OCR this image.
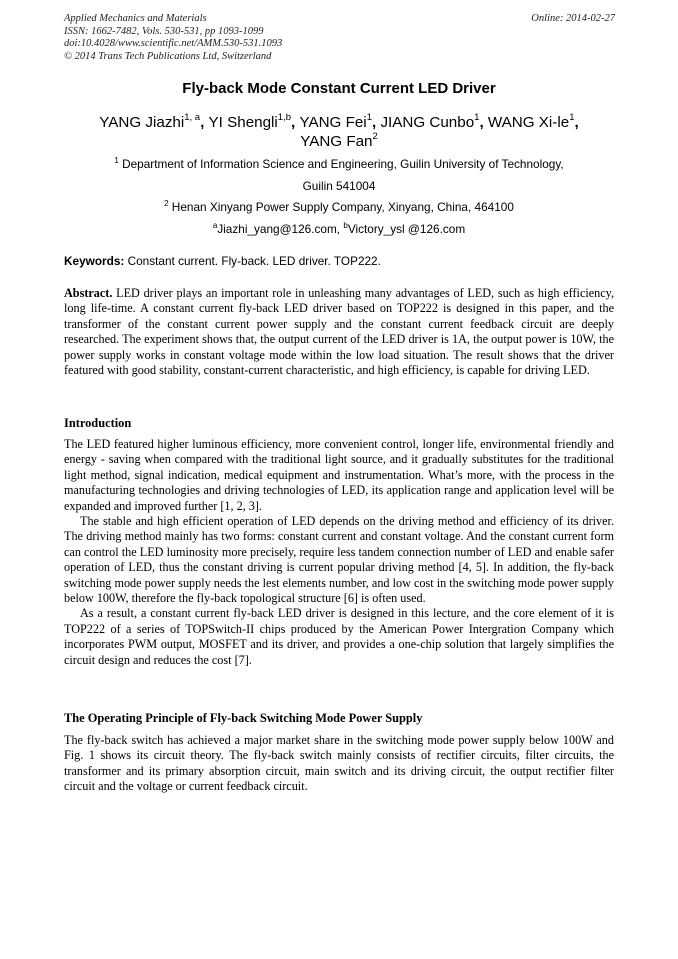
Applied Mechanics and Materials
ISSN: 1662-7482, Vols. 530-531, pp 1093-1099
doi:10.4028/www.scientific.net/AMM.530-531.1093
© 2014 Trans Tech Publications Ltd, Switzerland
Online: 2014-02-27
Fly-back Mode Constant Current LED Driver
YANG Jiazhi$^{1, a}$, YI Shengli$^{1,b}$, YANG Fei$^1$, JIANG Cunbo$^1$, WANG $Xi-le^1$,
YANG Fan$^2$
$^1$ Department of Information Science and Engineering, Guilin University of Technology,
Guilin 541004
$^2$ Henan Xinyang Power Supply Company, Xinyang, China, 464100
$^a$Jiazhi_yang@126.com, $^b$Victory_ysl @126.com
Keywords: Constant current. Fly-back. LED driver. TOP222.
Abstract. LED driver plays an important role in unleashing many advantages of LED, such as high efficiency, long life-time. A constant current fly-back LED driver based on TOP222 is designed in this paper, and the transformer of the constant current power supply and the constant current feedback circuit are deeply researched. The experiment shows that, the output current of the LED driver is 1A, the output power is 10W, the power supply works in constant voltage mode within the low load situation. The result shows that the driver featured with good stability, constant-current characteristic, and high efficiency, is capable for driving LED.
Introduction
The LED featured higher luminous efficiency, more convenient control, longer life, environmental friendly and energy - saving when compared with the traditional light source, and it gradually substitutes for the traditional light method, signal indication, medical equipment and instrumentation. What’s more, with the process in the manufacturing technologies and driving technologies of LED, its application range and application level will be expanded and improved further [1, 2, 3].
The stable and high efficient operation of LED depends on the driving method and efficiency of its driver. The driving method mainly has two forms: constant current and constant voltage. And the constant current form can control the LED luminosity more precisely, require less tandem connection number of LED and enable safer operation of LED, thus the constant driving is current popular driving method [4, 5]. In addition, the fly-back switching mode power supply needs the lest elements number, and low cost in the switching mode power supply below 100W, therefore the fly-back topological structure [6] is often used.
As a result, a constant current fly-back LED driver is designed in this lecture, and the core element of it is TOP222 of a series of TOPSwitch-II chips produced by the American Power Intergration Company which incorporates PWM output, MOSFET and its driver, and provides a one-chip solution that largely simplifies the circuit design and reduces the cost [7].
The Operating Principle of Fly-back Switching Mode Power Supply
The fly-back switch has achieved a major market share in the switching mode power supply below 100W and Fig. 1 shows its circuit theory. The fly-back switch mainly consists of rectifier circuits, filter circuits, the transformer and its primary absorption circuit, main switch and its driving circuit, the output rectifier filter circuit and the voltage or current feedback circuit.
